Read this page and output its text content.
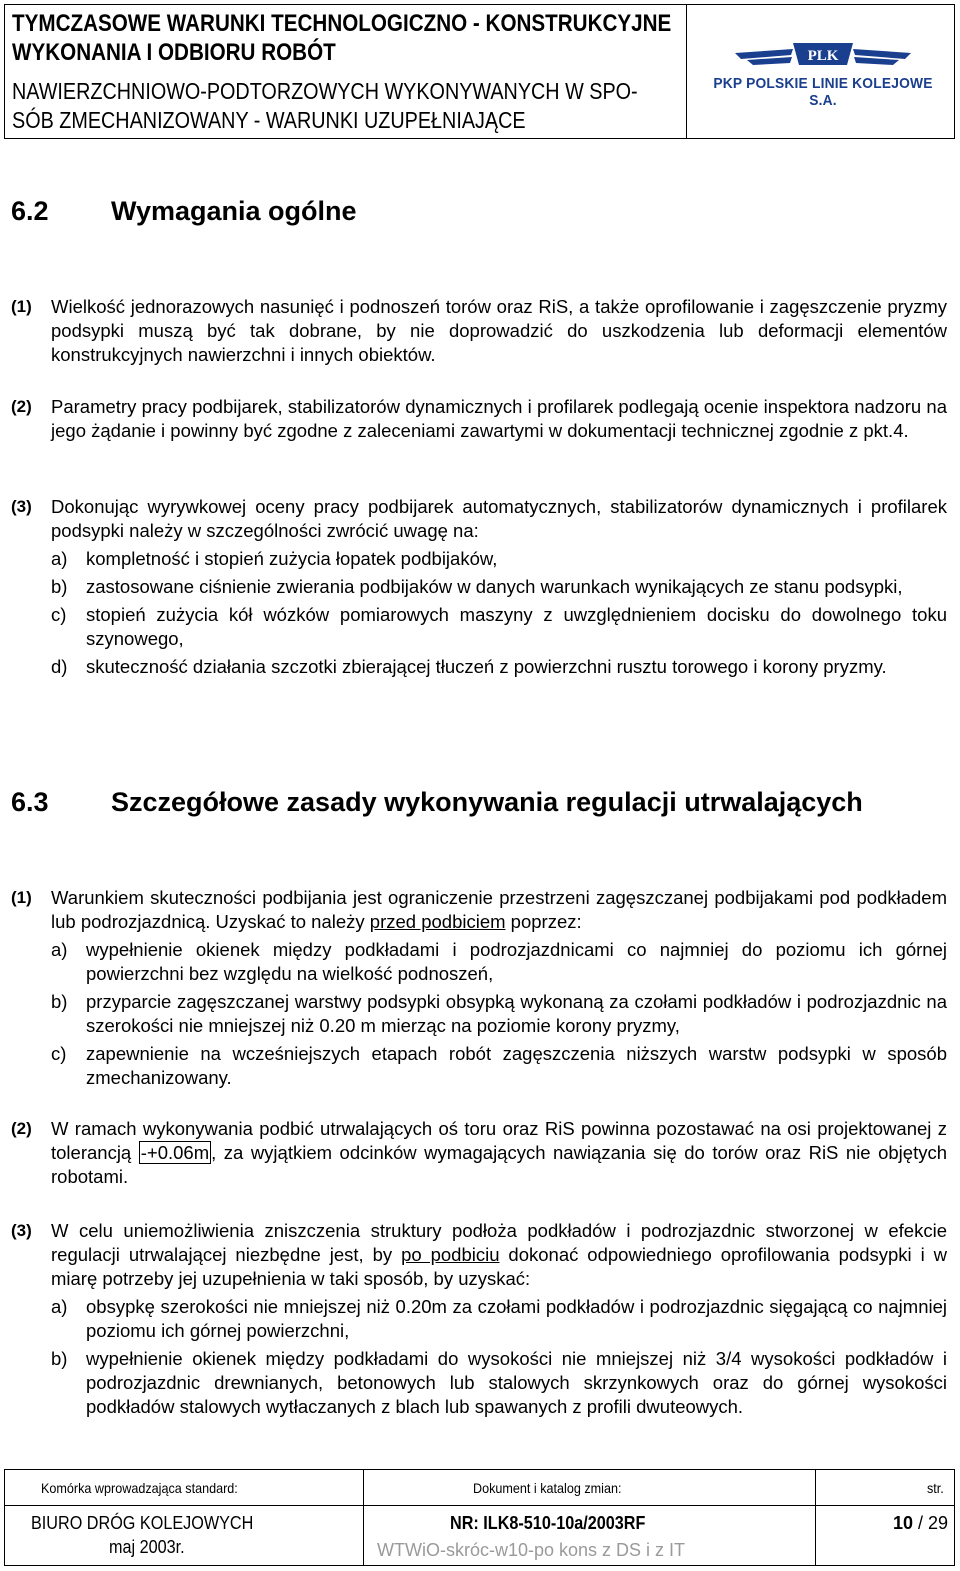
TYMCZASOWE WARUNKI TECHNOLOGICZNO - KONSTRUKCYJNE
WYKONANIA I ODBIORU ROBÓT
NAWIERZCHNIOWO-PODTORZOWYCH WYKONYWANYCH W SPO-
SÓB ZMECHANIZOWANY - WARUNKI UZUPEŁNIAJĄCE
PLK
PKP POLSKIE LINIE KOLEJOWE S.A.
6.2 Wymagania ogólne
(1) Wielkość jednorazowych nasunięć i podnoszeń torów oraz RiS, a także oprofilowanie i zagęszczenie pryzmy podsypki muszą być tak dobrane, by nie doprowadzić do uszkodzenia lub deformacji elementów konstrukcyjnych nawierzchni i innych obiektów.
(2) Parametry pracy podbijarek, stabilizatorów dynamicznych i profilarek podlegają ocenie inspektora nadzoru na jego żądanie i powinny być zgodne z zaleceniami zawartymi w dokumentacji technicznej zgodnie z pkt.4.
(3) Dokonując wyrywkowej oceny pracy podbijarek automatycznych, stabilizatorów dynamicznych i profilarek podsypki należy w szczególności zwrócić uwagę na:
a) kompletność i stopień zużycia łopatek podbijaków,
b) zastosowane ciśnienie zwierania podbijaków w danych warunkach wynikających ze stanu podsypki,
c) stopień zużycia kół wózków pomiarowych maszyny z uwzględnieniem docisku do dowolnego toku szynowego,
d) skuteczność działania szczotki zbierającej tłuczeń z powierzchni rusztu torowego i korony pryzmy.
6.3 Szczegółowe zasady wykonywania regulacji utrwalających
(1) Warunkiem skuteczności podbijania jest ograniczenie przestrzeni zagęszczanej podbijakami pod podkładem lub podrozjazdnicą. Uzyskać to należy przed podbiciem poprzez:
a) wypełnienie okienek między podkładami i podrozjazdnicami co najmniej do poziomu ich górnej powierzchni bez względu na wielkość podnoszeń,
b) przyparcie zagęszczanej warstwy podsypki obsypką wykonaną za czołami podkładów i podrozjazdnic na szerokości nie mniejszej niż 0.20 m mierząc na poziomie korony pryzmy,
c) zapewnienie na wcześniejszych etapach robót zagęszczenia niższych warstw podsypki w sposób zmechanizowany.
(2) W ramach wykonywania podbić utrwalających oś toru oraz RiS powinna pozostawać na osi projektowanej z tolerancją -+0.06m , za wyjątkiem odcinków wymagających nawiązania się do torów oraz RiS nie objętych robotami.
(3) W celu uniemożliwienia zniszczenia struktury podłoża podkładów i podrozjazdnic stworzonej w efekcie regulacji utrwalającej niezbędne jest, by po podbiciu dokonać odpowiedniego oprofilowania podsypki i w miarę potrzeby jej uzupełnienia w taki sposób, by uzyskać:
a) obsypkę szerokości nie mniejszej niż 0.20m za czołami podkładów i podrozjazdnic sięgającą co najmniej poziomu ich górnej powierzchni,
b) wypełnienie okienek między podkładami do wysokości nie mniejszej niż 3/4 wysokości podkładów i podrozjazdnic drewnianych, betonowych lub stalowych skrzynkowych oraz do górnej wysokości podkładów stalowych wytłaczanych z blach lub spawanych z profili dwuteowych.
Komórka wprowadzająca standard:	Dokument i katalog zmian:	str.
BIURO DRÓG KOLEJOWYCH
maj 2003r.
NR: ILK8-510-10a/2003RF
WTWiO-skróc-w10-po kons z DS i z IT
10 / 29
